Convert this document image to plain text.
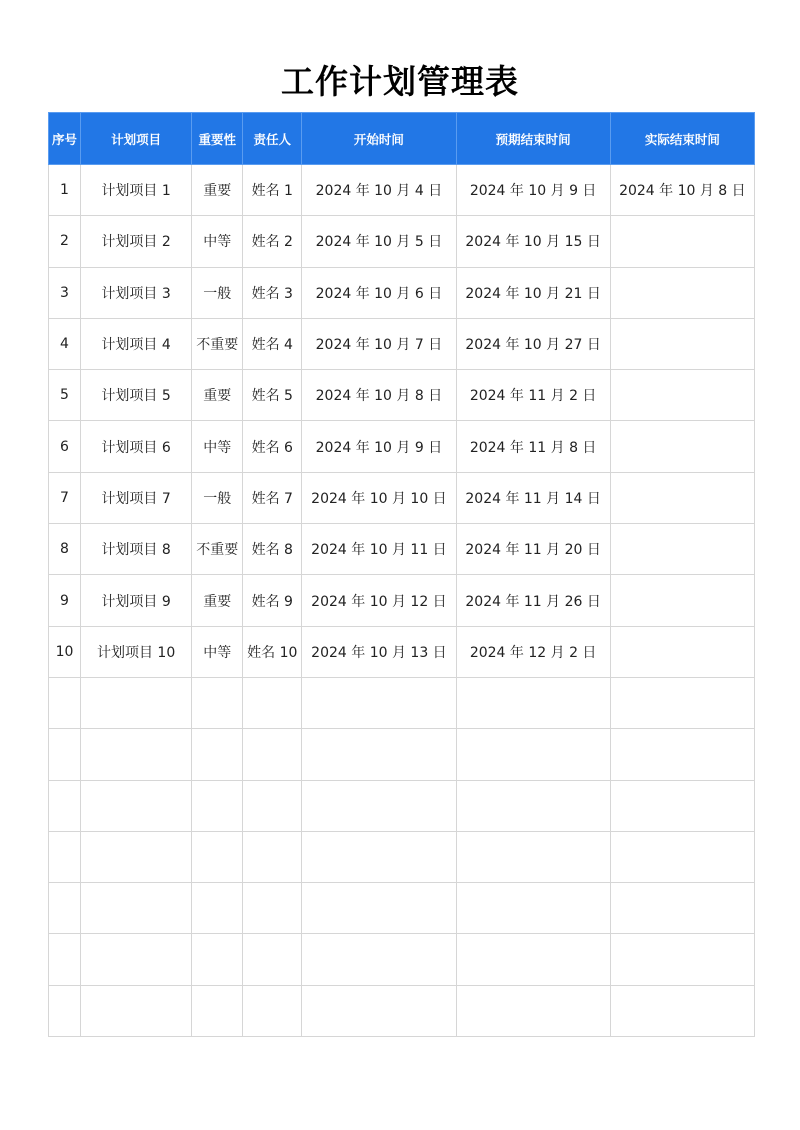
工作计划管理表
序号	计划项目	重要性	责任人	开始时间	预期结束时间	实际结束时间
1	计划项目 1	重要	姓名 1	2024 年 10 月 4 日	2024 年 10 月 9 日	2024 年 10 月 8 日
2	计划项目 2	中等	姓名 2	2024 年 10 月 5 日	2024 年 10 月 15 日	
3	计划项目 3	一般	姓名 3	2024 年 10 月 6 日	2024 年 10 月 21 日	
4	计划项目 4	不重要	姓名 4	2024 年 10 月 7 日	2024 年 10 月 27 日	
5	计划项目 5	重要	姓名 5	2024 年 10 月 8 日	2024 年 11 月 2 日	
6	计划项目 6	中等	姓名 6	2024 年 10 月 9 日	2024 年 11 月 8 日	
7	计划项目 7	一般	姓名 7	2024 年 10 月 10 日	2024 年 11 月 14 日	
8	计划项目 8	不重要	姓名 8	2024 年 10 月 11 日	2024 年 11 月 20 日	
9	计划项目 9	重要	姓名 9	2024 年 10 月 12 日	2024 年 11 月 26 日	
10	计划项目 10	中等	姓名 10	2024 年 10 月 13 日	2024 年 12 月 2 日	
